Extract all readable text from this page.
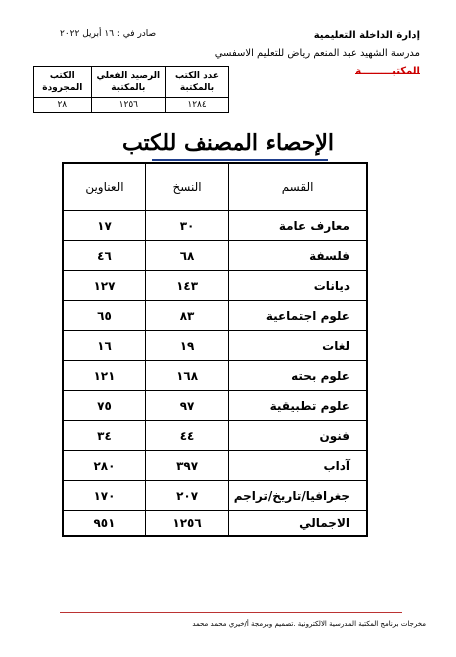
إدارة الداخلة التعليمية
مدرسة الشهيد عبد المنعم رياض للتعليم الاسفسي
المكتبـــــــــة
صادر في : ١٦ أبريل ٢٠٢٢
عدد الكتب بالمكتبة	الرصيد الفعلي بالمكتبة	الكتب المجرودة
١٢٨٤	١٢٥٦	٢٨
الإحصاء المصنف للكتب
القسم	النسخ	العناوين
معارف عامة	٣٠	١٧
فلسفة	٦٨	٤٦
ديانات	١٤٣	١٢٧
علوم اجتماعية	٨٣	٦٥
لغات	١٩	١٦
علوم بحته	١٦٨	١٢١
علوم تطبيقية	٩٧	٧٥
فنون	٤٤	٣٤
آداب	٣٩٧	٢٨٠
جغرافيا/تاريخ/تراجم	٢٠٧	١٧٠
الاجمالي	١٢٥٦	٩٥١
مخرجات برنامج المكتبة المدرسية الالكترونية .تصميم وبرمجة أ/خيري محمد محمد
